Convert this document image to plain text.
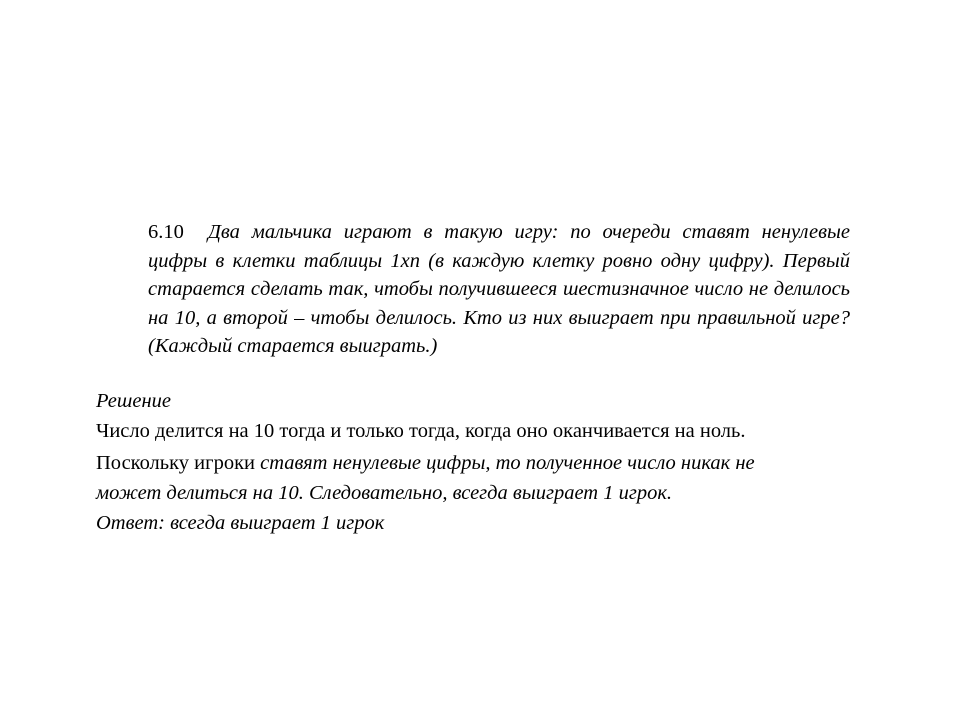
6.10 Два мальчика играют в такую игру: по очереди ставят ненулевые цифры в клетки таблицы 1хn (в каждую клетку ровно одну цифру). Первый старается сделать так, чтобы получившееся шестизначное число не делилось на 10, а второй – чтобы делилось. Кто из них выиграет при правильной игре? (Каждый старается выиграть.)
Решение
Число делится на 10 тогда и только тогда, когда оно оканчивается на ноль.
Поскольку игроки ставят ненулевые цифры, то полученное число никак не
может делиться на 10. Следовательно, всегда выиграет 1 игрок.
Ответ: всегда выиграет 1 игрок
